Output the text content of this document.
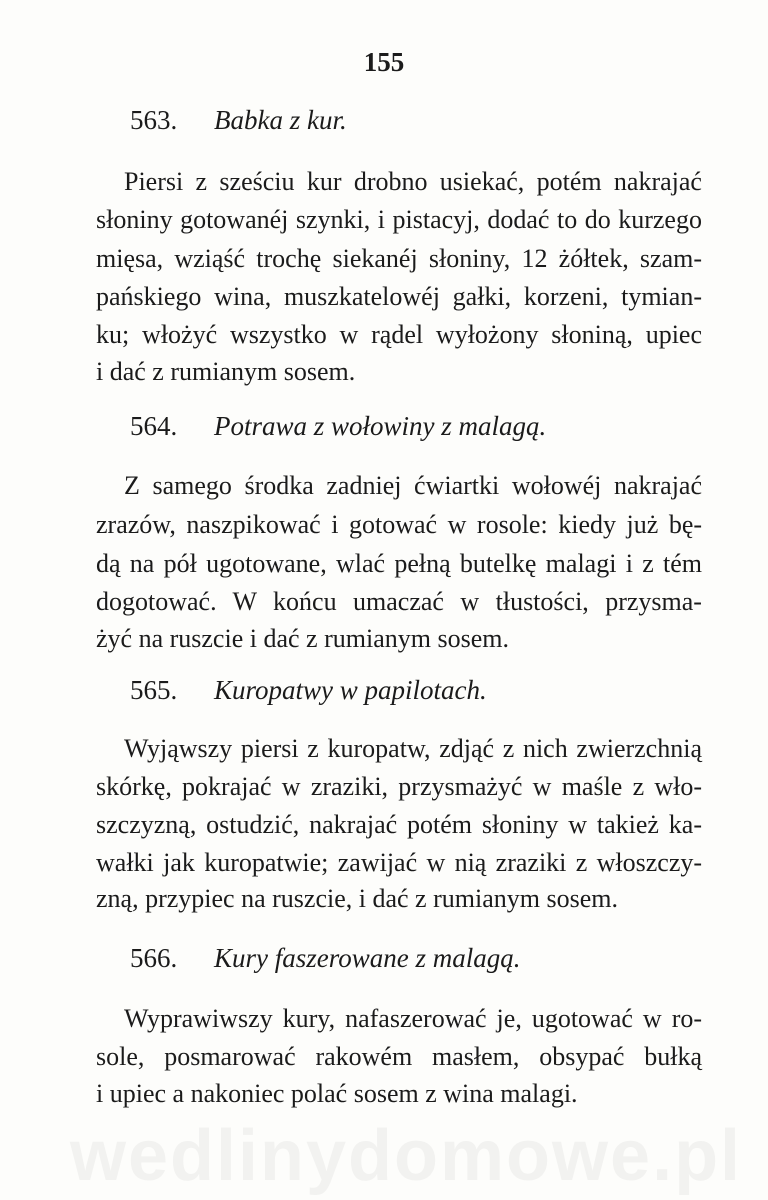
wedlinydomowe.pl
155
563. Babka z kur.
Piersi z sześciu kur drobno usiekać, potém nakrajać
słoniny gotowanéj szynki, i pistacyj, dodać to do kurzego
mięsa, wziąść trochę siekanéj słoniny, 12 żółtek, szam-
pańskiego wina, muszkatelowéj gałki, korzeni, tymian-
ku; włożyć wszystko w rądel wyłożony słoniną, upiec
i dać z rumianym sosem.
564. Potrawa z wołowiny z malagą.
Z samego środka zadniej ćwiartki wołowéj nakrajać
zrazów, naszpikować i gotować w rosole: kiedy już bę-
dą na pół ugotowane, wlać pełną butelkę malagi i z tém
dogotować. W końcu umaczać w tłustości, przysma-
żyć na ruszcie i dać z rumianym sosem.
565. Kuropatwy w papilotach.
Wyjąwszy piersi z kuropatw, zdjąć z nich zwierzchnią
skórkę, pokrajać w zraziki, przysmażyć w maśle z wło-
szczyzną, ostudzić, nakrajać potém słoniny w takież ka-
wałki jak kuropatwie; zawijać w nią zraziki z włoszczy-
zną, przypiec na ruszcie, i dać z rumianym sosem.
566. Kury faszerowane z malagą.
Wyprawiwszy kury, nafaszerować je, ugotować w ro-
sole, posmarować rakowém masłem, obsypać bułką
i upiec a nakoniec polać sosem z wina malagi.
